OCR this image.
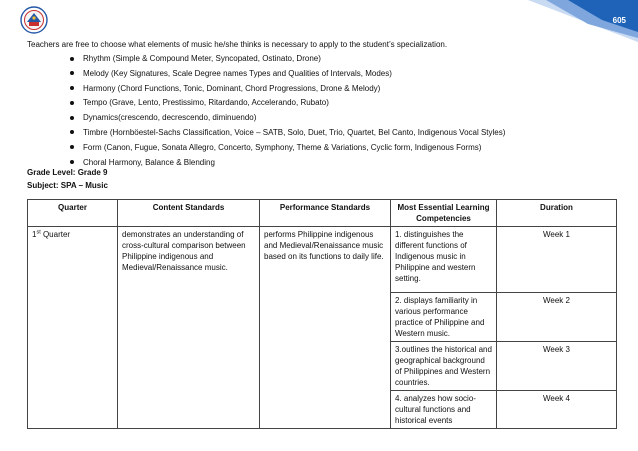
605
Teachers are free to choose what elements of music he/she thinks is necessary to apply to the student’s specialization.
Rhythm (Simple & Compound Meter, Syncopated, Ostinato, Drone)
Melody (Key Signatures, Scale Degree names Types and Qualities of Intervals, Modes)
Harmony (Chord Functions, Tonic, Dominant, Chord Progressions, Drone & Melody)
Tempo (Grave, Lento, Prestissimo, Ritardando, Accelerando, Rubato)
Dynamics(crescendo, decrescendo, diminuendo)
Timbre (Hornböestel-Sachs Classification, Voice – SATB, Solo, Duet, Trio, Quartet, Bel Canto, Indigenous Vocal Styles)
Form (Canon, Fugue, Sonata Allegro, Concerto, Symphony, Theme & Variations, Cyclic form, Indigenous Forms)
Choral Harmony, Balance & Blending
Grade Level: Grade 9
Subject: SPA – Music
Quarter	Content Standards	Performance Standards	Most Essential Learning Competencies	Duration
1st Quarter	demonstrates an understanding of cross-cultural comparison between Philippine indigenous and Medieval/Renaissance music.	performs Philippine indigenous and Medieval/Renaissance music based on its functions to daily life.	1. distinguishes the different functions of Indigenous music in Philippine and western setting.	Week 1
			2. displays familiarity in various performance practice of Philippine and Western music.	Week 2
			3.outlines the historical and geographical background of Philippines and Western countries.	Week 3
			4. analyzes how socio-cultural functions and historical events	Week 4
